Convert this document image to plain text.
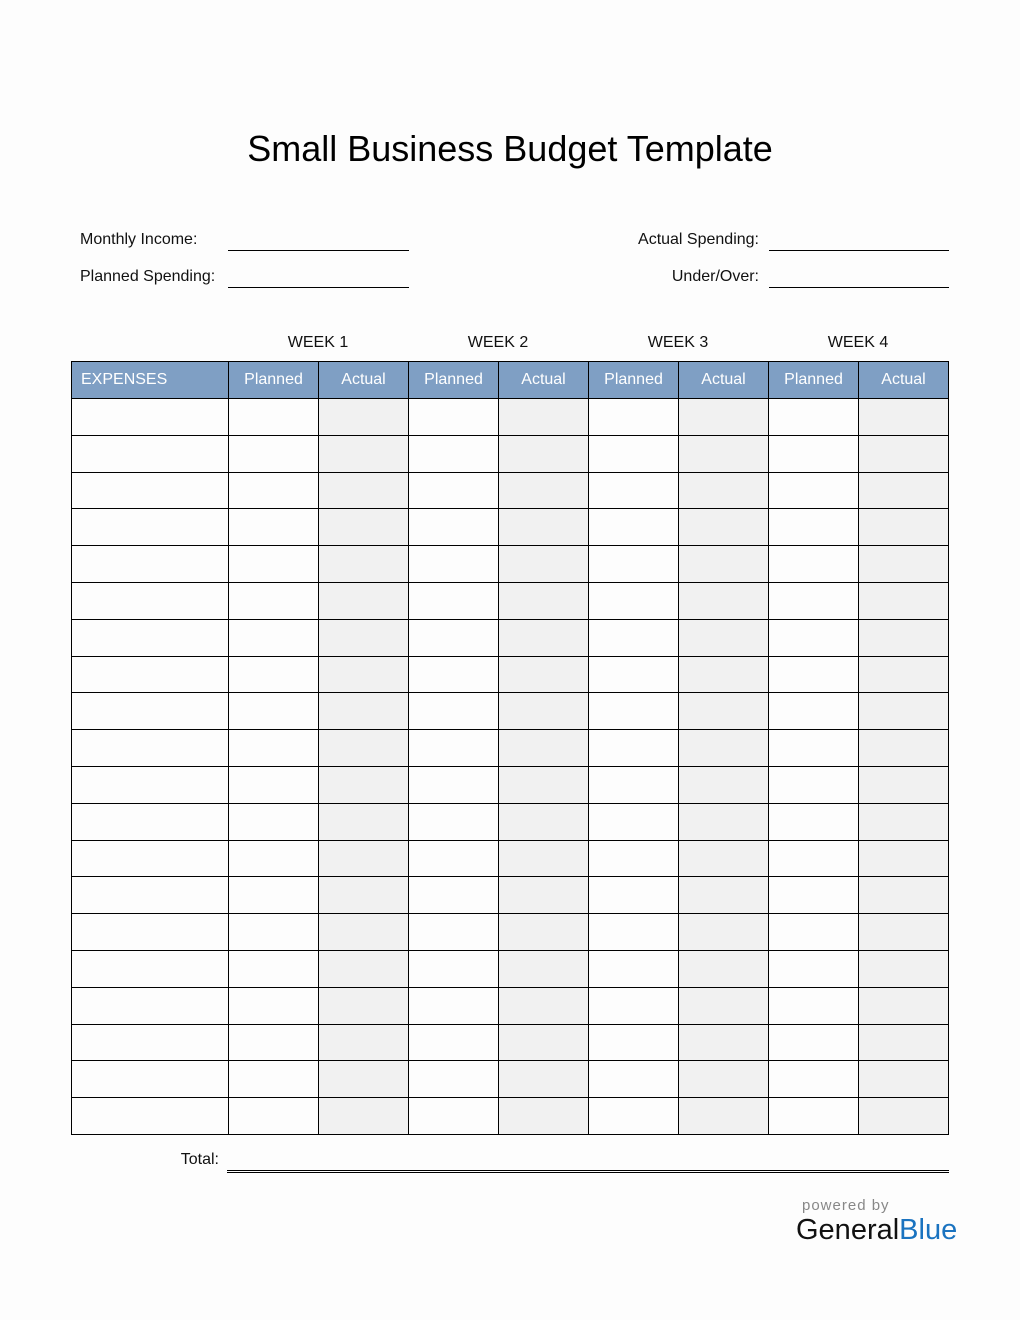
Small Business Budget Template
Monthly Income:
Planned Spending:
Actual Spending:
Under/Over:
WEEK 1	WEEK 2	WEEK 3	WEEK 4
EXPENSES	Planned	Actual	Planned	Actual	Planned	Actual	Planned	Actual

Total:
powered by
GeneralBlue
